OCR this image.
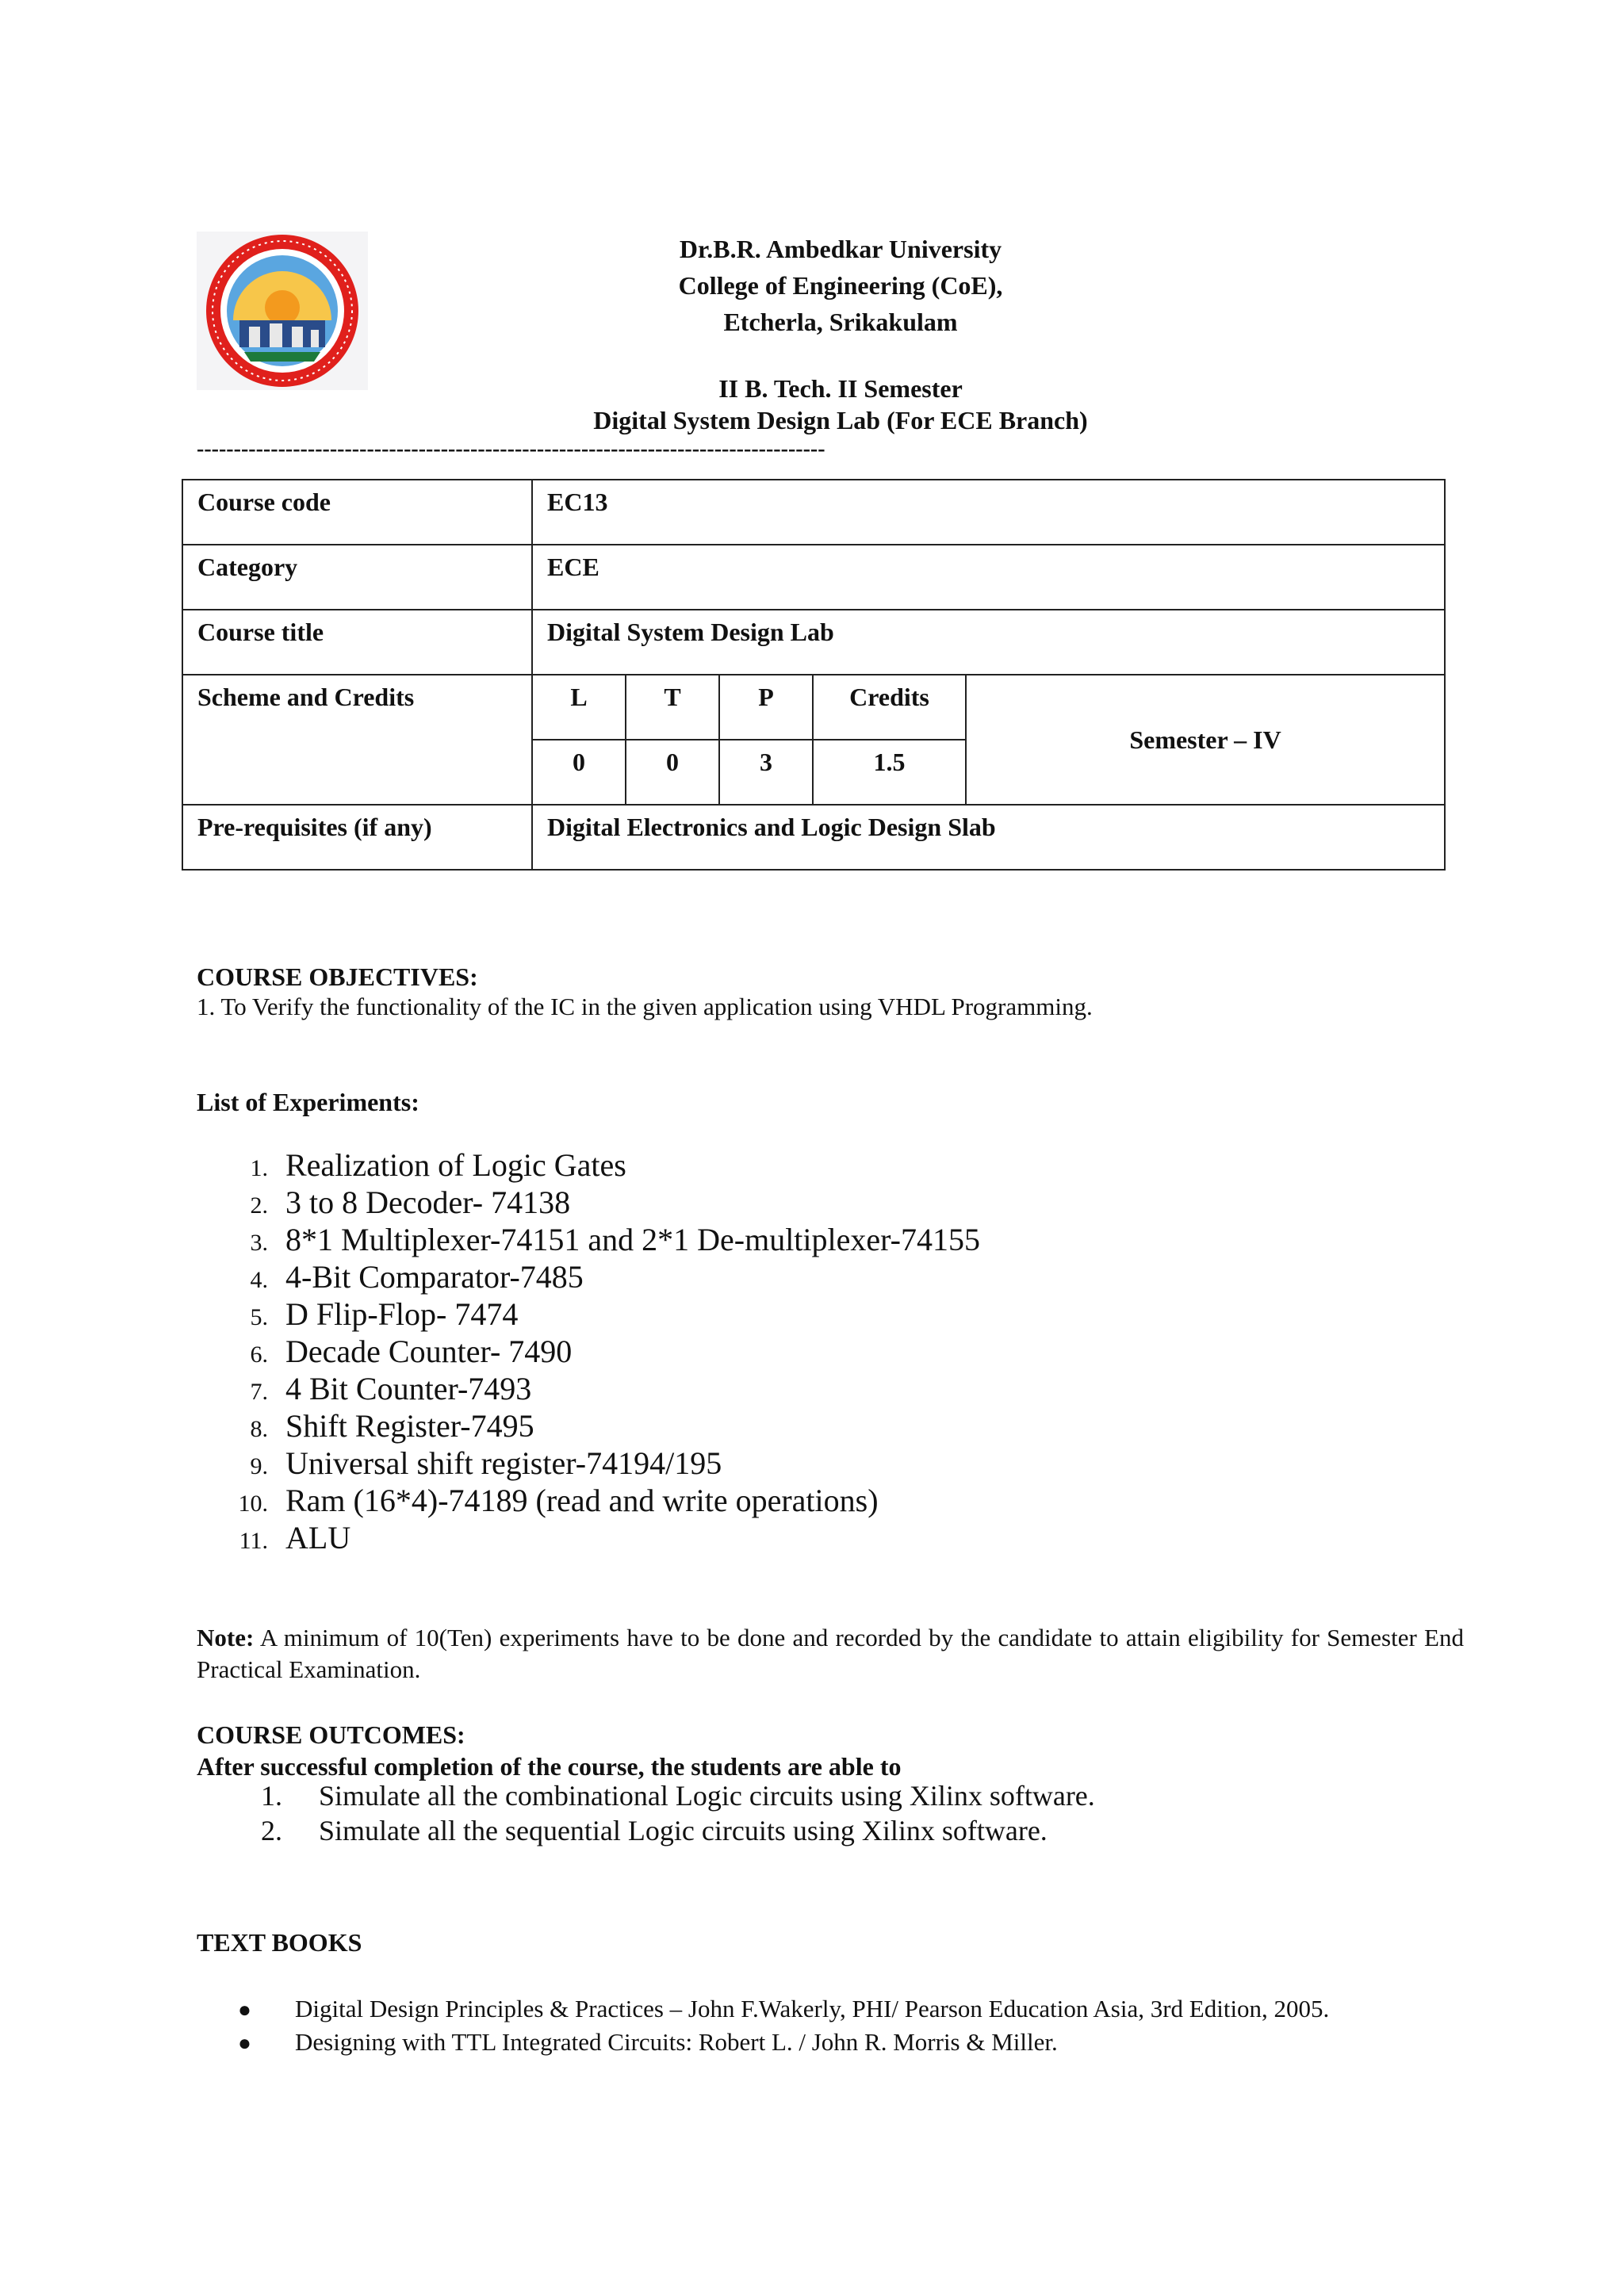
Dr.B.R. Ambedkar University
College of Engineering (CoE),
Etcherla, Srikakulam
II B. Tech. II Semester
Digital System Design Lab (For ECE Branch)
-------------------------------------------------------------------------------------
Course code	EC13				
Category	ECE				
Course title	Digital System Design Lab				
Scheme and Credits	L	T	P	Credits	Semester – IV
	0	0	3	1.5	
Pre-requisites (if any)	Digital Electronics and Logic Design Slab				
COURSE OBJECTIVES:
1. To Verify the functionality of the IC in the given application using VHDL Programming.
List of Experiments:
1. Realization of Logic Gates
2. 3 to 8 Decoder- 74138
3. 8*1 Multiplexer-74151 and 2*1 De-multiplexer-74155
4. 4-Bit Comparator-7485
5. D Flip-Flop- 7474
6. Decade Counter- 7490
7. 4 Bit Counter-7493
8. Shift Register-7495
9. Universal shift register-74194/195
10. Ram (16*4)-74189 (read and write operations)
11. ALU
Note: A minimum of 10(Ten) experiments have to be done and recorded by the candidate to attain eligibility for Semester End Practical Examination.
COURSE OUTCOMES:
After successful completion of the course, the students are able to
1.	Simulate all the combinational Logic circuits using Xilinx software.
2.	Simulate all the sequential Logic circuits using Xilinx software.
TEXT BOOKS
●	Digital Design Principles & Practices – John F.Wakerly, PHI/ Pearson Education Asia, 3rd Edition, 2005.
●	Designing with TTL Integrated Circuits: Robert L. / John R. Morris & Miller.
